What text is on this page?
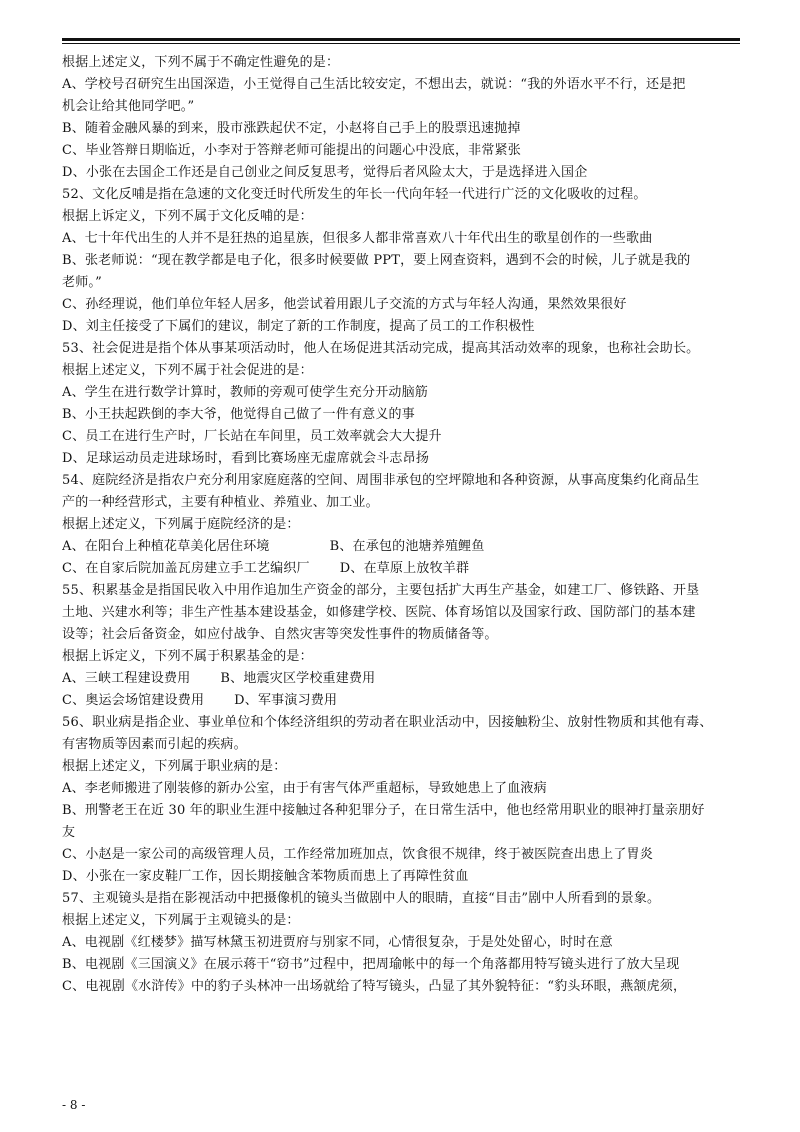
根据上述定义，下列不属于不确定性避免的是：
A、学校号召研究生出国深造，小王觉得自己生活比较安定，不想出去，就说：“我的外语水平不行，还是把
机会让给其他同学吧。”
B、随着金融风暴的到来，股市涨跌起伏不定，小赵将自己手上的股票迅速抛掉
C、毕业答辩日期临近，小李对于答辩老师可能提出的问题心中没底，非常紧张
D、小张在去国企工作还是自己创业之间反复思考，觉得后者风险太大，于是选择进入国企
52、文化反哺是指在急速的文化变迁时代所发生的年长一代向年轻一代进行广泛的文化吸收的过程。
根据上诉定义，下列不属于文化反哺的是：
A、七十年代出生的人并不是狂热的追星族，但很多人都非常喜欢八十年代出生的歌星创作的一些歌曲
B、张老师说：“现在教学都是电子化，很多时候要做 PPT，要上网查资料，遇到不会的时候，儿子就是我的
老师。”
C、孙经理说，他们单位年轻人居多，他尝试着用跟儿子交流的方式与年轻人沟通，果然效果很好
D、刘主任接受了下属们的建议，制定了新的工作制度，提高了员工的工作积极性
53、社会促进是指个体从事某项活动时，他人在场促进其活动完成，提高其活动效率的现象，也称社会助长。
根据上述定义，下列不属于社会促进的是：
A、学生在进行数学计算时，教师的旁观可使学生充分开动脑筋
B、小王扶起跌倒的李大爷，他觉得自己做了一件有意义的事
C、员工在进行生产时，厂长站在车间里，员工效率就会大大提升
D、足球运动员走进球场时，看到比赛场座无虚席就会斗志昂扬
54、庭院经济是指农户充分利用家庭庭落的空间、周围非承包的空坪隙地和各种资源，从事高度集约化商品生
产的一种经营形式，主要有种植业、养殖业、加工业。
根据上述定义，下列属于庭院经济的是：
A、在阳台上种植花草美化居住环境	B、在承包的池塘养殖鲤鱼
C、在自家后院加盖瓦房建立手工艺编织厂 D、在草原上放牧羊群
55、积累基金是指国民收入中用作追加生产资金的部分，主要包括扩大再生产基金，如建工厂、修铁路、开垦
土地、兴建水利等；非生产性基本建设基金，如修建学校、医院、体育场馆以及国家行政、国防部门的基本建
设等；社会后备资金，如应付战争、自然灾害等突发性事件的物质储备等。
根据上诉定义，下列不属于积累基金的是：
A、三峡工程建设费用 B、地震灾区学校重建费用
C、奥运会场馆建设费用 D、军事演习费用
56、职业病是指企业、事业单位和个体经济组织的劳动者在职业活动中，因接触粉尘、放射性物质和其他有毒、
有害物质等因素而引起的疾病。
根据上述定义，下列属于职业病的是：
A、李老师搬进了刚装修的新办公室，由于有害气体严重超标，导致她患上了血液病
B、刑警老王在近 30 年的职业生涯中接触过各种犯罪分子，在日常生活中，他也经常用职业的眼神打量亲朋好
友
C、小赵是一家公司的高级管理人员，工作经常加班加点，饮食很不规律，终于被医院查出患上了胃炎
D、小张在一家皮鞋厂工作，因长期接触含苯物质而患上了再障性贫血
57、主观镜头是指在影视活动中把摄像机的镜头当做剧中人的眼睛，直接“目击”剧中人所看到的景象。
根据上述定义，下列属于主观镜头的是：
A、电视剧《红楼梦》描写林黛玉初进贾府与别家不同，心情很复杂，于是处处留心，时时在意
B、电视剧《三国演义》在展示蒋干“窃书”过程中，把周瑜帐中的每一个角落都用特写镜头进行了放大呈现
C、电视剧《水浒传》中的豹子头林冲一出场就给了特写镜头，凸显了其外貌特征：“豹头环眼，燕颔虎须，
- 8 -
